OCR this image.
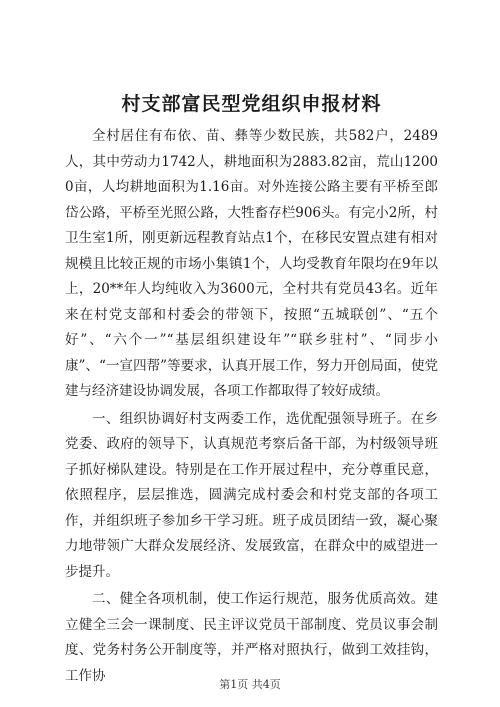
村支部富民型党组织申报材料

全村居住有布依、苗、彝等少数民族，共582户，2489人，其中劳动力1742人，耕地面积为2883.82亩，荒山12000亩，人均耕地面积为1.16亩。对外连接公路主要有平桥至郎岱公路，平桥至光照公路，大牲畜存栏906头。有完小2所，村卫生室1所，刚更新远程教育站点1个，在移民安置点建有相对规模且比较正规的市场小集镇1个，人均受教育年限均在9年以上，20**年人均纯收入为3600元，全村共有党员43名。近年来在村党支部和村委会的带领下，按照“五城联创”、“五个好”、“六个一”“基层组织建设年”“联乡驻村”、“同步小康”、“一宣四帮”等要求，认真开展工作，努力开创局面，使党建与经济建设协调发展，各项工作都取得了较好成绩。

一、组织协调好村支两委工作，选优配强领导班子。在乡党委、政府的领导下，认真规范考察后备干部，为村级领导班子抓好梯队建设。特别是在工作开展过程中，充分尊重民意，依照程序，层层推选，圆满完成村委会和村党支部的各项工作，并组织班子参加乡干学习班。班子成员团结一致，凝心聚力地带领广大群众发展经济、发展致富，在群众中的威望进一步提升。

二、健全各项机制，使工作运行规范，服务优质高效。建立健全三会一课制度、民主评议党员干部制度、党员议事会制度、党务村务公开制度等，并严格对照执行，做到工效挂钩，工作协

第1页 共4页
